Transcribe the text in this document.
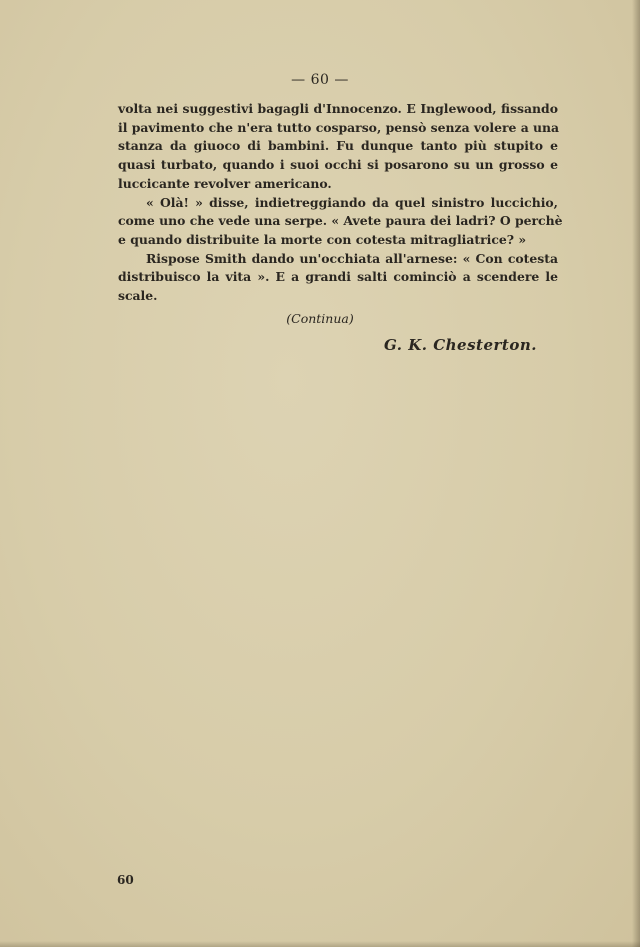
— 60 —

volta nei suggestivi bagagli d'Innocenzo. E Inglewood, fissando

il pavimento che n'era tutto cosparso, pensò senza volere a una

stanza da giuoco di bambini. Fu dunque tanto più stupito e

quasi turbato, quando i suoi occhi si posarono su un grosso e

luccicante revolver americano.

« Olà! » disse, indietreggiando da quel sinistro luccichio,

come uno che vede una serpe. « Avete paura dei ladri? O perchè

e quando distribuite la morte con cotesta mitragliatrice? »

Rispose Smith dando un'occhiata all'arnese: « Con cotesta

distribuisco la vita ». E a grandi salti cominciò a scendere le

scale.

(Continua)
G. K. Chesterton.
60
